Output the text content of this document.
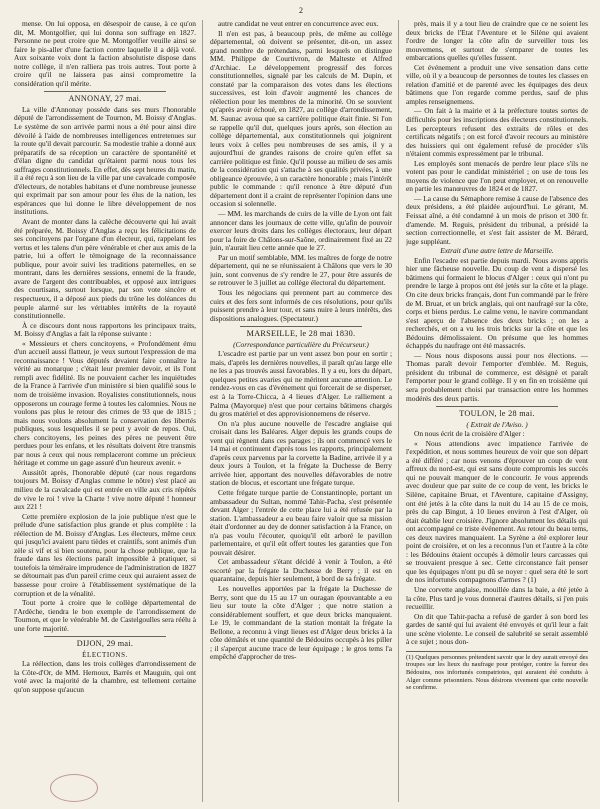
2

mense. On lui opposa, en désespoir de cause, à ce qu'on dit, M. Montgolfier, qui lui donna son suffrage en 1827. Personne ne peut croire que M. Montgolfier veuille ainsi se faire le pis-aller d'une faction contre laquelle il a déjà voté. Aux soixante voix dont la faction absolutiste dispose dans notre collège, il n'en ralliera pas trois autres. Tout porte à croire qu'il ne laissera pas ainsi compromettre la considération qu'il mérite.

ANNONAY, 27 mai.

La ville d'Annonay possède dans ses murs l'honorable député de l'arrondissement de Tournon, M. Boissy d'Anglas. Le système de son arrivée parmi nous a été pour ainsi dire dévoilé à l'aide de nombreuses intelligences entretenues sur la route qu'il devait parcourir. Sa modestie trahie a donné aux préparatifs de sa réception un caractère de spontanéité et d'élan digne du candidat qu'étaient parmi nous tous les suffrages constitutionnels. En effet, dès sept heures du matin, il a été reçu à son lieu de la ville par une cavalcade composée d'électeurs, de notables habitans et d'une nombreuse jeunesse qui exprimait par son amour pour les élus de la nation, les espérances que lui donne le libre développement de nos institutions.

Avant de monter dans la calèche découverte qui lui avait été préparée, M. Boissy d'Anglas a reçu les félicitations de ses concitoyens par l'organe d'un électeur, qui, rappelant les vertus et les talens d'un père vénérable et cher aux amis de la patrie, lui a offert le témoignage de la reconnaissance publique, pour avoir suivi les traditions paternelles, en se montrant, dans les dernières sessions, ennemi de la fraude, avare de l'argent des contribuables, et opposé aux intrigues des courtisans, surtout lorsque, par son vote sincère et respectueux, il a déposé aux pieds du trône les doléances du peuple alarmé sur les véritables intérêts de la royauté constitutionnelle.

À ce discours dont nous rapportons les principaux traits, M. Boissy d'Anglas a fait la réponse suivante :

« Messieurs et chers concitoyens, « Profondément ému d'un accueil aussi flatteur, je veux surtout l'expression de ma reconnaissance ! Vous députés devaient faire connaître la vérité au monarque ; c'était leur premier devoir, et ils l'ont rempli avec fidélité. Ils ne pouvaient cacher les inquiétudes de la France à l'arrivée d'un ministère si bien qualifié sous le nom de troisième invasion. Royalistes constitutionnels, nous opposerons un courage ferme à toutes les calomnies. Nous ne voulons pas plus le retour des crimes de 93 que de 1815 ; mais nous voulons absolument la conservation des libertés publiques, sous lesquelles il se peut y avoir de repos. Oui, chers concitoyens, les peines des pères ne peuvent être perdues pour les enfans, et les résultats doivent être transmis par nous à ceux qui nous remplaceront comme un précieux héritage et comme un gage assuré d'un heureux avenir. »

Aussitôt après, l'honorable député (car nous regardons toujours M. Boissy d'Anglas comme le nôtre) s'est placé au milieu de la cavalcade qui est entrée en ville aux cris répétés de vive le roi ! vive la Charte ! vive notre député ! honneur aux 221 !

Cette première explosion de la joie publique n'est que le prélude d'une satisfaction plus grande et plus complète : la réélection de M. Boissy d'Anglas. Les électeurs, même ceux qui jusqu'ici avaient paru tièdes et craintifs, sont animés d'un zèle si vif et si bien soutenu, pour la chose publique, que la fraude dans les élections paraît impossible à pratiquer, si toutefois la téméraire imprudence de l'administration de 1827 se détournait pas d'un pareil crime ceux qui auraient assez de bassesse pour croire à l'établissement systématique de la corruption et de la vénalité.

Tout porte à croire que le collège départemental de l'Ardèche, tiendra le bon exemple de l'arrondissement de Tournon, et que le vénérable M. de Castelgoulles sera réélu à une forte majorité.

DIJON, 29 mai.
ÉLECTIONS.

La réélection, dans les trois collèges d'arrondissement de la Côte-d'Or, de MM. Hernoux, Barrès et Mauguin, qui ont voté avec la majorité de la chambre, est tellement certaine qu'on suppose qu'aucun

autre candidat ne veut entrer en concurrence avec eux.

Il n'en est pas, à beaucoup près, de même au collège départemental, où doivent se présenter, dit-on, un assez grand nombre de prétendans, parmi lesquels on distingue MM. Philippe de Courtivron, de Malteste et Alfred d'Archiac. Le développement progressif des forces constitutionnelles, signalé par les calculs de M. Dupin, et constaté par la comparaison des votes dans les élections successives, est loin d'avoir augmenté les chances de réélection pour les membres de la minorité. On se souvient qu'après avoir échoué, en 1827, au collège d'arrondissement, M. Saunac avoua que sa carrière politique était finie. Si l'on se rappelle qu'il dut, quelques jours après, son élection au collège départemental, aux constitutionnels qui joignirent leurs voix à celles peu nombreuses de ses amis, il y a aujourd'hui de grandes raisons de croire qu'en effet sa carrière politique est finie. Qu'il pousse au milieu de ses amis de la considération qui s'attache à ses qualités privées, à une obligeance éprouvée, à un caractère honorable ; mais l'intérêt public le commande : qu'il renonce à être député d'un département dont il a craint de représenter l'opinion dans une occasion si solennelle.

— MM. les marchands de cuirs de la ville de Lyon ont fait annoncer dans les journaux de cette ville, qu'afin de pouvoir exercer leurs droits dans les collèges électoraux, leur départ pour la foire de Châlons-sur-Saône, ordinairement fixé au 22 juin, n'aurait lieu cette année que le 27.

Par un motif semblable, MM. les maîtres de forge de notre département, qui ne se réunissaient à Châlons que vers le 30 juin, sont convenus de s'y rendre le 27, pour être assurés de se retrouver le 3 juillet au collège électoral du département.

Tous les négocians qui prennent part au commerce des cuirs et des fers sont informés de ces résolutions, pour qu'ils puissent prendre à leur tour, et sans nuire à leurs intérêts, des dispositions analogues. (Spectateur.)

MARSEILLE, le 28 mai 1830.
(Correspondance particulière du Précurseur.)

L'escadre est partie par un vent assez bon pour en sortir ; mais, d'après les dernières nouvelles, il paraît qu'au large elle ne les a pas trouvés aussi favorables. Il y a eu, lors du départ, quelques petites avaries qui ne méritent aucune attention. Le rendez-vous en cas d'événement qui forcerait de se disperser, est à la Torre-Chicca, à 4 lieues d'Alger. Le ralliement a Palma (Mayorque) n'est que pour certains bâtimens chargés du gros matériel et des approvisionnemens de réserve.

On n'a plus aucune nouvelle de l'escadre anglaise qui croisait dans les Baléares. Alger depuis les grands coups de vent qui règnent dans ces parages ; ils ont commencé vers le 14 mai et continuent d'après tous les rapports, principalement d'après ceux parvenus par la corvette la Badine, arrivée il y a deux jours à Toulon, et la frégate la Duchesse de Berry arrivée hier, apportant des nouvelles défavorables de notre station de blocus, et escortant une frégate turque.

Cette frégate turque partie de Constantinople, portant un ambassadeur du Sultan, nommé Tahir-Pacha, s'est présentée devant Alger ; l'entrée de cette place lui a été refusée par la station. L'ambassadeur a eu beau faire valoir que sa mission était d'ordonner au dey de donner satisfaction à la France, on n'a pas voulu l'écouter, quoiqu'il eût arboré le pavillon parlementaire, et qu'il eût offert toutes les garanties que l'on pouvait désirer.

Cet ambassadeur s'étant décidé à venir à Toulon, a été escorté par la frégate la Duchesse de Berry ; il est en quarantaine, depuis hier seulement, à bord de sa frégate.

Les nouvelles apportées par la frégate la Duchesse de Berry, sont que du 15 au 17 un ouragan épouvantable a eu lieu sur toute la côte d'Alger ; que notre station a considérablement souffert, et que deux bricks manquaient. Le 19, le commandant de la station montait la frégate la Bellone, a reconnu à vingt lieues est d'Alger deux bricks à la côte démâtés et une quantité de Bédouins occupés à les piller ; il s'aperçut aucune trace de leur équipage ; le gros tems l'a empêché d'approcher de tres-

près, mais il y a tout lieu de craindre que ce ne soient les deux bricks de l'Etat l'Aventure et le Silène qui avaient l'ordre de longer la côte afin de surveiller tous les mouvemens, et surtout de s'emparer de toutes les embarcations quelles qu'elles fussent.

Cet événement a produit une vive sensation dans cette ville, où il y a beaucoup de personnes de toutes les classes en relation d'amitié et de parenté avec les équipages des deux bâtimens que l'on regarde comme perdus, sauf de plus amples renseignemens.

— On fait à la mairie et à la préfecture toutes sortes de difficultés pour les inscriptions des électeurs constitutionnels. Les percepteurs refusent des extraits de rôles et des certificats négatifs ; on est forcé d'avoir recours au ministère des huissiers qui ont également refusé de procéder s'ils n'étaient commis expressément par le tribunal.

Les employés sont menacés de perdre leur place s'ils ne votent pas pour le candidat ministériel ; on use de tous les moyens de violence que l'on peut employer, et on renouvelle en partie les manœuvres de 1824 et de 1827.

— La cause du Sémaphore remise à cause de l'absence des deux présidens, a été plaidée aujourd'hui. Le gérant, M. Feissat aîné, a été condamné à un mois de prison et 300 fr. d'amende. M. Reguis, président du tribunal, a présidé la section correctionnelle, et s'est fait assister de M. Bérard, juge suppléant.

Extrait d'une autre lettre de Marseille.

Enfin l'escadre est partie depuis mardi. Nous avons appris hier une fâcheuse nouvelle. Du coup de vent a dispersé les bâtimens qui formaient le blocus d'Alger : ceux qui n'ont pu prendre le large à propos ont été jetés sur la côte et la plage. On cite deux bricks français, dont l'un commandé par le frère de M. Bruat, et un brick anglais, qui ont naufragé sur la côte, corps et biens perdus. Le calme venu, le navire commandant s'est aperçu de l'absence des deux bricks ; on les a recherchés, et on a vu les trois bricks sur la côte et que les Bédouins démolissaient. On présume que les hommes échappés du naufrage ont été massacrés.

— Nous nous disposons aussi pour nos élections. — Thomas paraît devoir l'emporter d'emblée. M. Reguis, président du tribunal de commerce, est désigné et paraît l'emporter pour le grand collège. Il y en fin en troisième qui sera probablement choisi par transaction entre les hommes modérés des deux partis.

TOULON, le 28 mai.
( Extrait de l'Aviso. )

On nous écrit de la croisière d'Alger :

« Nous attendions avec impatience l'arrivée de l'expédition, et nous sommes heureux de voir que son départ a été différé ; car nous venons d'éprouver un coup de vent affreux du nord-est, qui est sans doute compromis les succès qui ne pouvait manquer de le concourir. Je vous apprends avec douleur que par suite de ce coup de vent, les bricks le Silène, capitaine Bruat, et l'Aventure, capitaine d'Assigny, ont été jetés à la côte dans la nuit du 14 au 15 de ce mois, près du cap Bingut, à 10 lieues environ à l'est d'Alger, où était établie leur croisière. J'ignore absolument les détails qui ont accompagné ce triste événement. Au retour du beau tems, ces deux navires manquaient. La Syrène a été explorer leur point de croisière, et on les a reconnus l'un et l'autre à la côte : les Bédouins étaient occupés à démolir leurs carcasses qui se trouvaient presque à sec. Cette circonstance fait penser que les équipages n'ont pu dû se noyer : quel sera été le sort de nos infortunés compagnons d'armes ? (1)

Une corvette anglaise, mouillée dans la baie, a été jetée à la côte. Plus tard je vous donnerai d'autres détails, si j'en puis recueillir.

On dit que Tahir-pacha a refusé de garder à son bord les gardes de santé qui lui avaient été envoyés et qu'il leur a fait une scène violente. Le conseil de salubrité se serait assemblé à ce sujet ; nous don-

(1) Quelques personnes prétendent savoir que le dey aurait envoyé des troupes sur les lieux du naufrage pour protéger, contre la fureur des Bédouins, nos infortunés compatriotes, qui auraient été conduits à Alger comme prisonniers. Nous désirons vivement que cette nouvelle se confirme.
